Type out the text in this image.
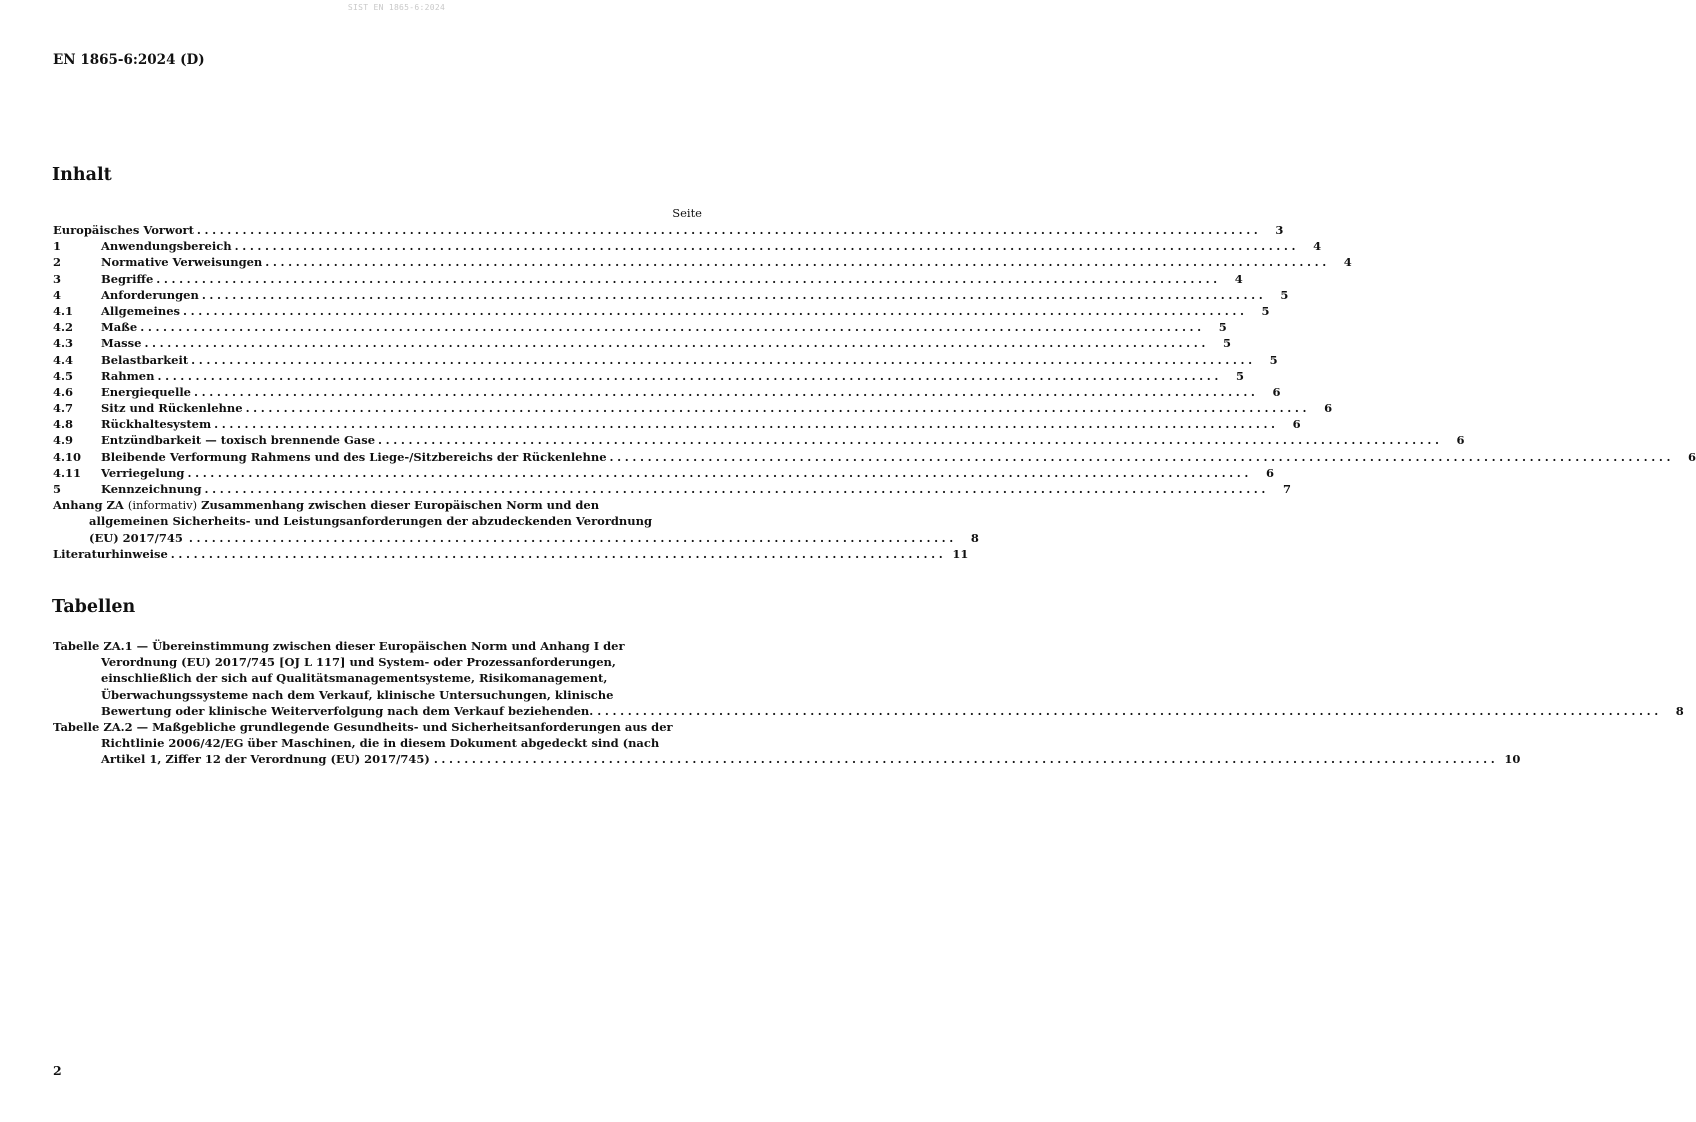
SIST EN 1865-6:2024
EN 1865-6:2024 (D)
Inhalt
Seite
Europäisches Vorwort ............................................................................................................................................	3
1	Anwendungsbereich ............................................................................................................................................	4
2	Normative Verweisungen ............................................................................................................................................	4
3	Begriffe ............................................................................................................................................	4
4	Anforderungen ............................................................................................................................................	5
4.1 Allgemeines ............................................................................................................................................	5
4.2 Maße ............................................................................................................................................	5
4.3 Masse ............................................................................................................................................	5
4.4 Belastbarkeit ............................................................................................................................................	5
4.5 Rahmen ............................................................................................................................................	5
4.6 Energiequelle ............................................................................................................................................	6
4.7 Sitz und Rückenlehne ............................................................................................................................................	6
4.8 Rückhaltesystem ............................................................................................................................................	6
4.9 Entzündbarkeit — toxisch brennende Gase ............................................................................................................................................	6
4.10 Bleibende Verformung Rahmens und des Liege-/Sitzbereichs der Rückenlehne ............................................................................................................................................	6
4.11 Verriegelung ............................................................................................................................................	6
5	Kennzeichnung ............................................................................................................................................	7
Anhang ZA (informativ) Zusammenhang zwischen dieser Europäischen Norm und den
allgemeinen Sicherheits- und Leistungsanforderungen der abzudeckenden Verordnung
(EU) 2017/745 .....................................................................................................	8
Literaturhinweise ...................................................................................................... 11
Tabellen
Tabelle ZA.1 — Übereinstimmung zwischen dieser Europäischen Norm und Anhang I der
Verordnung (EU) 2017/745 [OJ L 117] und System- oder Prozessanforderungen,
einschließlich der sich auf Qualitätsmanagementsysteme, Risikomanagement,
Überwachungssysteme nach dem Verkauf, klinische Untersuchungen, klinische
Bewertung oder klinische Weiterverfolgung nach dem Verkauf beziehenden. ............................................................................................................................................	8
Tabelle ZA.2 — Maßgebliche grundlegende Gesundheits- und Sicherheitsanforderungen aus der
Richtlinie 2006/42/EG über Maschinen, die in diesem Dokument abgedeckt sind (nach
Artikel 1, Ziffer 12 der Verordnung (EU) 2017/745) ............................................................................................................................................ 10
2
